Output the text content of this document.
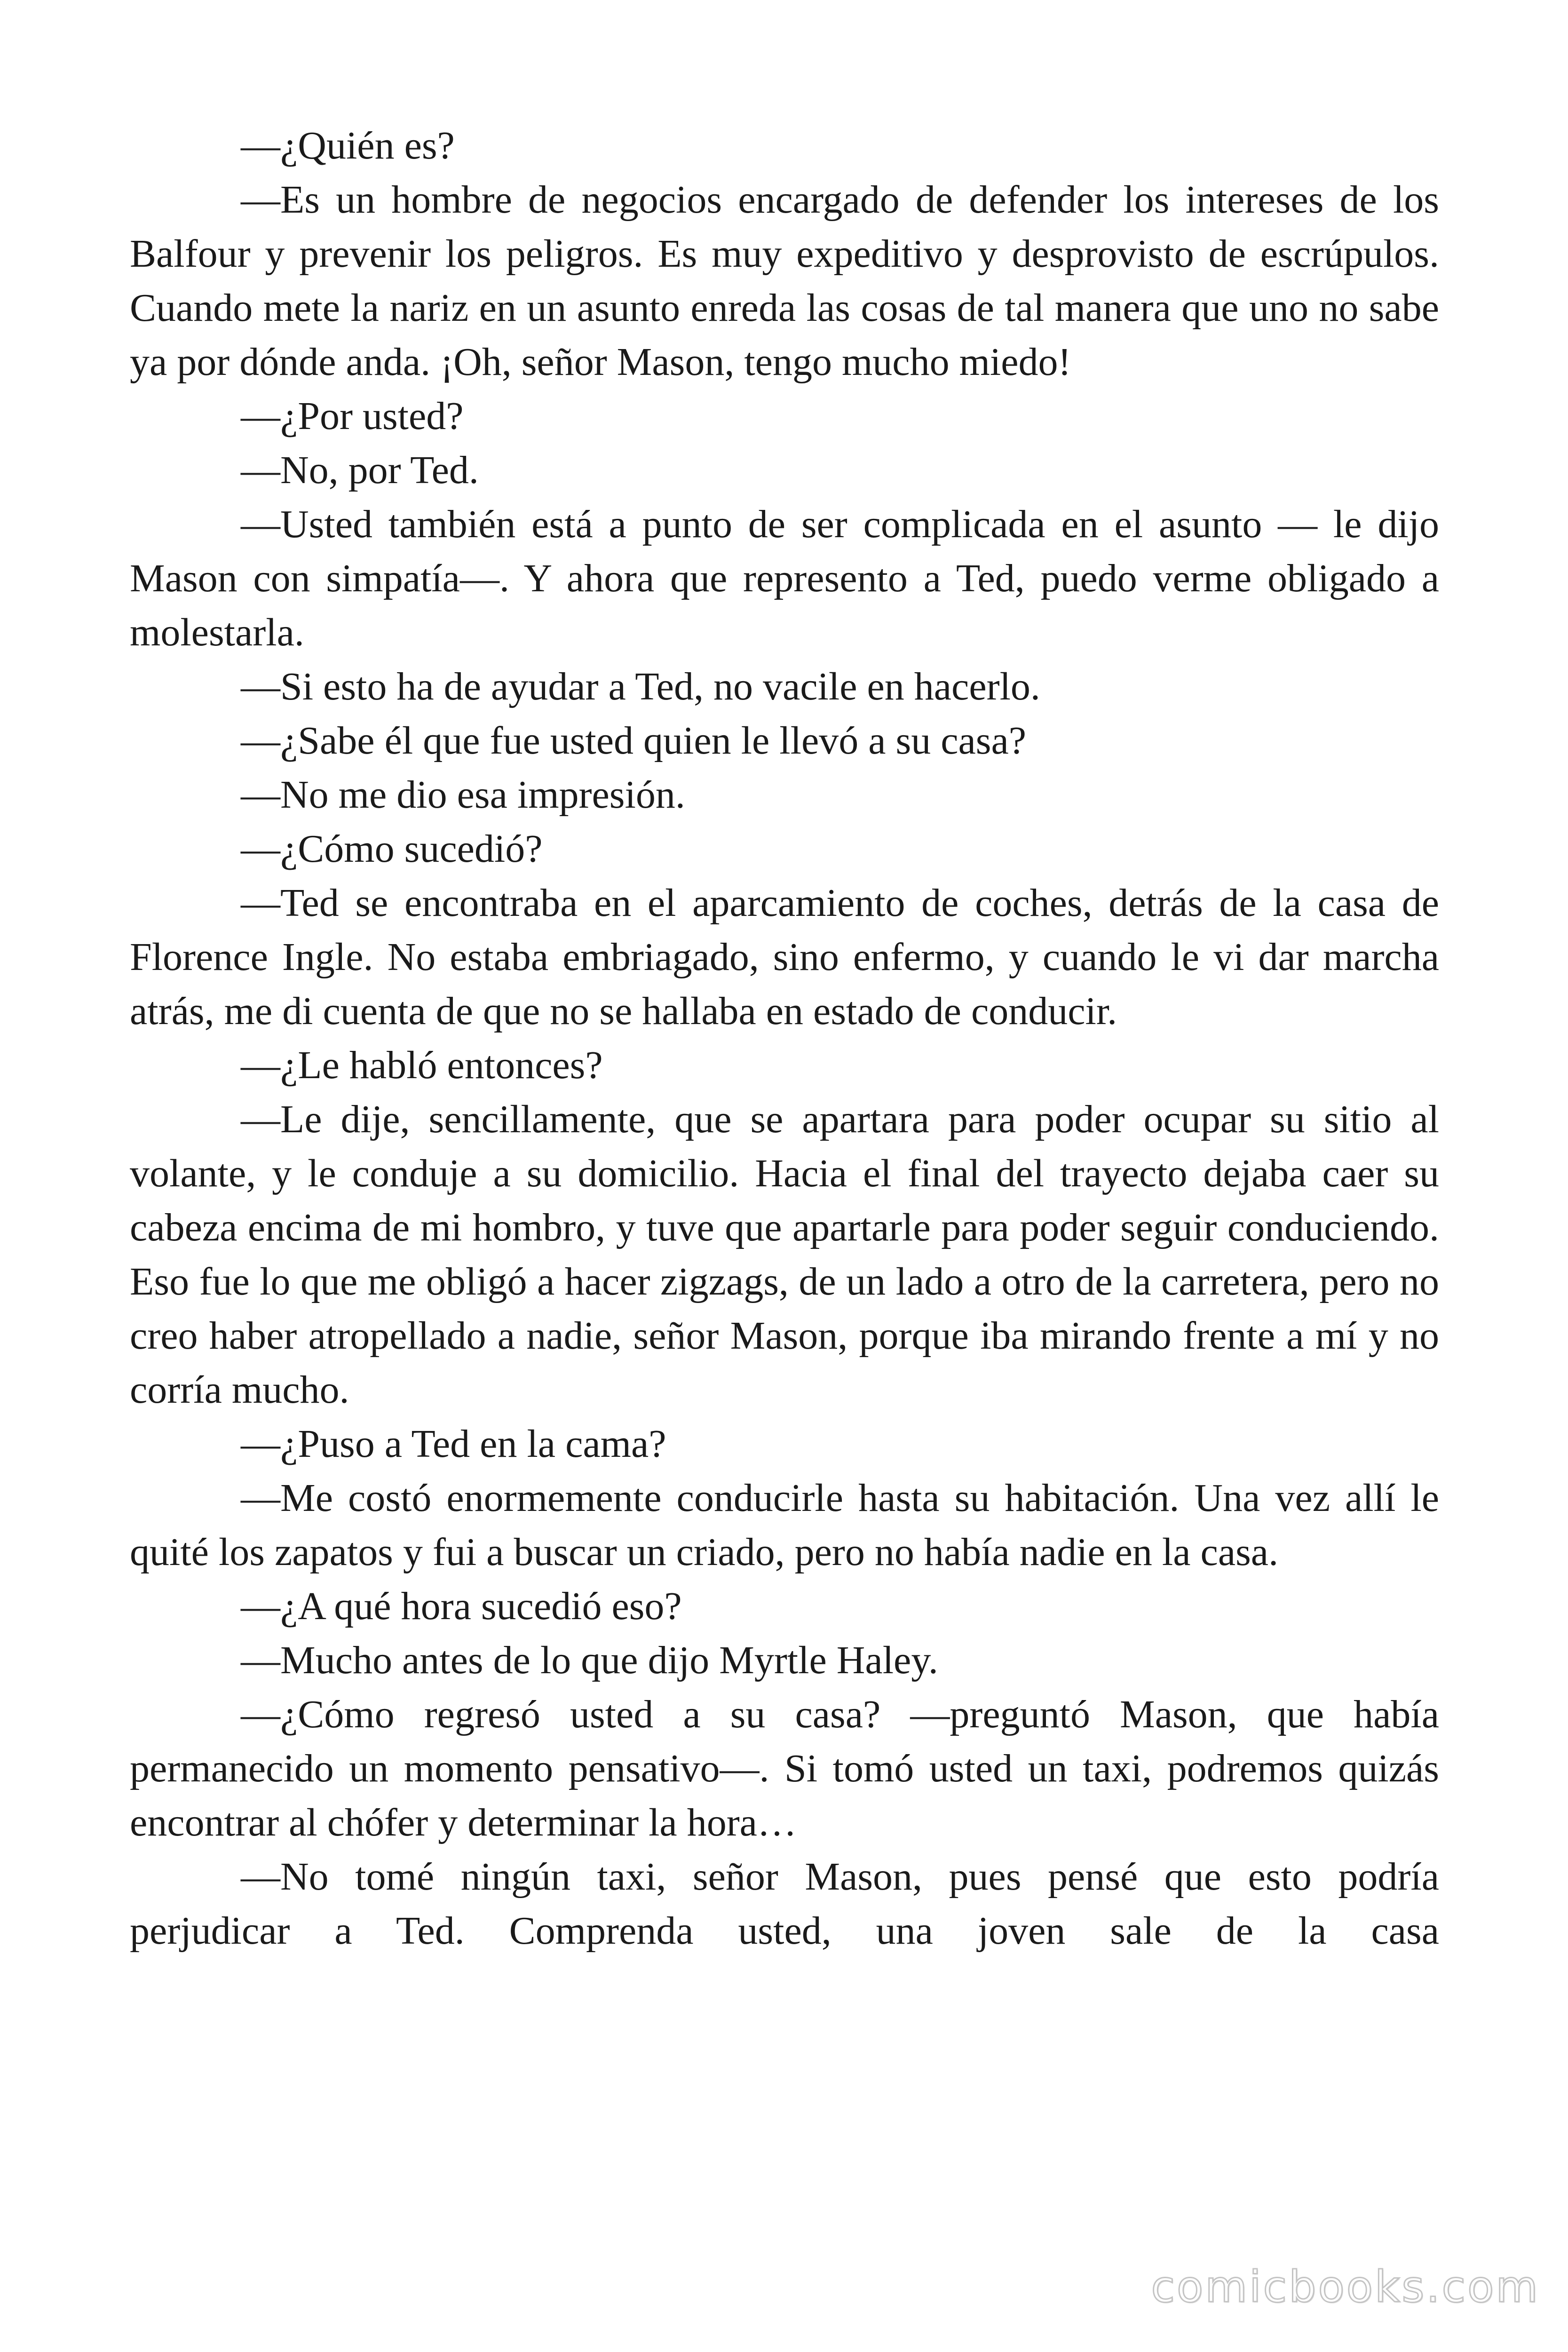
—¿Quién es?

—Es un hombre de negocios encargado de defender los intereses de los Balfour y prevenir los peligros. Es muy expeditivo y desprovisto de escrúpulos. Cuando mete la nariz en un asunto enreda las cosas de tal manera que uno no sabe ya por dónde anda. ¡Oh, señor Mason, tengo mucho miedo!

—¿Por usted?

—No, por Ted.

—Usted también está a punto de ser complicada en el asunto — le dijo Mason con simpatía—. Y ahora que represento a Ted, puedo verme obligado a molestarla.

—Si esto ha de ayudar a Ted, no vacile en hacerlo.

—¿Sabe él que fue usted quien le llevó a su casa?

—No me dio esa impresión.

—¿Cómo sucedió?

—Ted se encontraba en el aparcamiento de coches, detrás de la casa de Florence Ingle. No estaba embriagado, sino enfermo, y cuando le vi dar marcha atrás, me di cuenta de que no se hallaba en estado de conducir.

—¿Le habló entonces?

—Le dije, sencillamente, que se apartara para poder ocupar su sitio al volante, y le conduje a su domicilio. Hacia el final del trayecto dejaba caer su cabeza encima de mi hombro, y tuve que apartarle para poder seguir conduciendo. Eso fue lo que me obligó a hacer zigzags, de un lado a otro de la carretera, pero no creo haber atropellado a nadie, señor Mason, porque iba mirando frente a mí y no corría mucho.

—¿Puso a Ted en la cama?

—Me costó enormemente conducirle hasta su habitación. Una vez allí le quité los zapatos y fui a buscar un criado, pero no había nadie en la casa.

—¿A qué hora sucedió eso?

—Mucho antes de lo que dijo Myrtle Haley.

—¿Cómo regresó usted a su casa? —preguntó Mason, que había permanecido un momento pensativo—. Si tomó usted un taxi, podremos quizás encontrar al chófer y determinar la hora…

—No tomé ningún taxi, señor Mason, pues pensé que esto podría perjudicar a Ted. Comprenda usted, una joven sale de la casa

comicbooks.com
